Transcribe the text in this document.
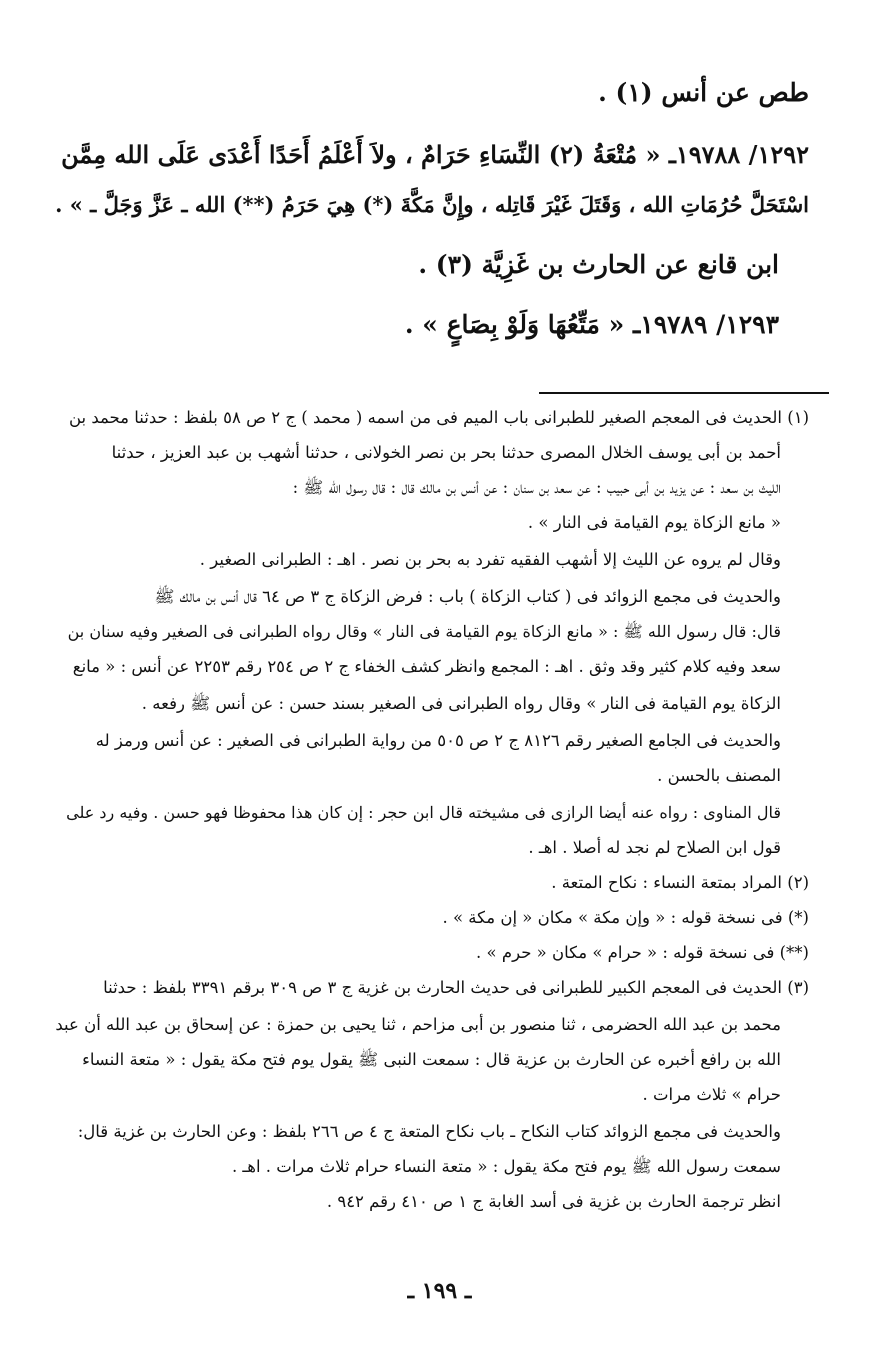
طص عن أنس (١) .
١٢٩٢/ ١٩٧٨٨ـ « مُتْعَةُ (٢) النِّسَاءِ حَرَامٌ ، ولاَ أَعْلَمُ أَحَدًا أَعْدَى عَلَى الله مِمَّن
اسْتَحَلَّ حُرُمَاتِ الله ، وَقَتَلَ غَيْرَ قَاتِله ، وإِنَّ مَكَّةَ (*) هِيَ حَرَمُ (**) الله ـ عَزَّ وَجَلَّ ـ » .
ابن قانع عن الحارث بن غَزِيَّة (٣) .
١٢٩٣/ ١٩٧٨٩ـ « مَتِّعُهَا وَلَوْ بِصَاعٍ » .
(١) الحديث فى المعجم الصغير للطبرانى باب الميم فى من اسمه ( محمد ) ج ٢ ص ٥٨ بلفظ : حدثنا محمد بن
أحمد بن أبى يوسف الخلال المصرى حدثنا بحر بن نصر الخولانى ، حدثنا أشهب بن عبد العزيز ، حدثنا
الليث بن سعد : عن يزيد بن أبى حبيب : عن سعد بن سنان : عن أنس بن مالك قال : قال رسول الله ﷺ :
« مانع الزكاة يوم القيامة فى النار » .
وقال لم يروه عن الليث إلا أشهب الفقيه تفرد به بحر بن نصر . اهـ : الطبرانى الصغير .
والحديث فى مجمع الزوائد فى ( كتاب الزكاة ) باب : فرض الزكاة ج ٣ ص ٦٤ قال أنس بن مالك ﷺ
قال: قال رسول الله ﷺ : « مانع الزكاة يوم القيامة فى النار » وقال رواه الطبرانى فى الصغير وفيه سنان بن
سعد وفيه كلام كثير وقد وثق . اهـ : المجمع وانظر كشف الخفاء ج ٢ ص ٢٥٤ رقم ٢٢٥٣ عن أنس : « مانع
الزكاة يوم القيامة فى النار » وقال رواه الطبرانى فى الصغير بسند حسن : عن أنس ﷺ رفعه .
والحديث فى الجامع الصغير رقم ٨١٢٦ ج ٢ ص ٥٠٥ من رواية الطبرانى فى الصغير : عن أنس ورمز له
المصنف بالحسن .
قال المناوى : رواه عنه أيضا الرازى فى مشيخته قال ابن حجر : إن كان هذا محفوظا فهو حسن . وفيه رد على
قول ابن الصلاح لم نجد له أصلا . اهـ .
(٢) المراد بمتعة النساء : نكاح المتعة .
(*) فى نسخة قوله : « وإن مكة » مكان « إن مكة » .
(**) فى نسخة قوله : « حرام » مكان « حرم » .
(٣) الحديث فى المعجم الكبير للطبرانى فى حديث الحارث بن غزية ج ٣ ص ٣٠٩ برقم ٣٣٩١ بلفظ : حدثنا
محمد بن عبد الله الحضرمى ، ثنا منصور بن أبى مزاحم ، ثنا يحيى بن حمزة : عن إسحاق بن عبد الله أن عبد
الله بن رافع أخبره عن الحارث بن عزية قال : سمعت النبى ﷺ يقول يوم فتح مكة يقول : « متعة النساء
حرام » ثلاث مرات .
والحديث فى مجمع الزوائد كتاب النكاح ـ باب نكاح المتعة ج ٤ ص ٢٦٦ بلفظ : وعن الحارث بن غزية قال:
سمعت رسول الله ﷺ يوم فتح مكة يقول : « متعة النساء حرام ثلاث مرات . اهـ .
انظر ترجمة الحارث بن غزية فى أسد الغابة ج ١ ص ٤١٠ رقم ٩٤٢ .
ـ ١٩٩ ـ
